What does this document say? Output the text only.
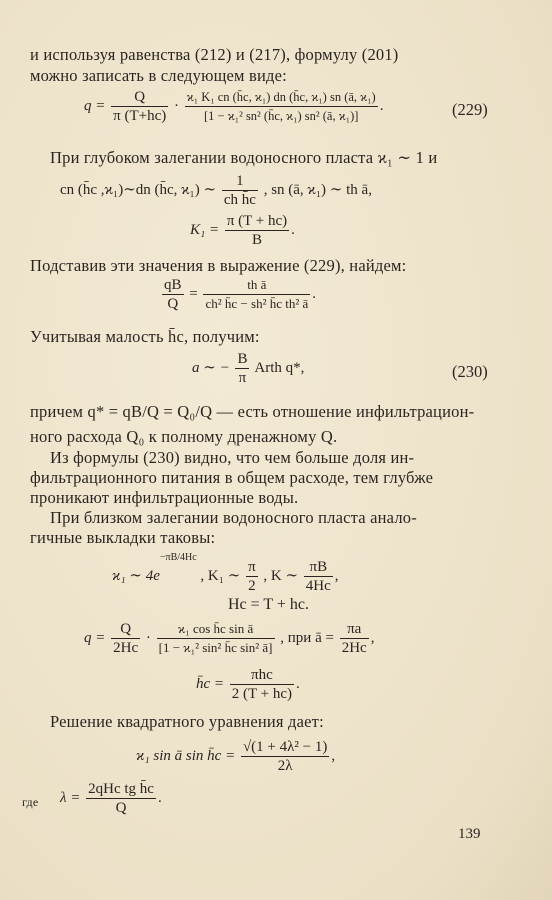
и используя равенства (212) и (217), формулу (201)
можно записать в следующем виде:
$q = \frac{Q}{\pi (T+hc)} \cdot \frac{\text{ϰ₁ K₁ cn (h̄c, ϰ₁) dn (h̄c, ϰ₁) sn (ā, ϰ₁)}}{\text{[1 − ϰ₁² sn² (h̄c, ϰ₁) sn² (ā, ϰ₁)]}}$ .	(229)
При глубоком залегании водоносного пласта ϰ₁ ∼ 1 и
cn (h̄c ,ϰ₁)∼dn (h̄c, ϰ₁) ∼ $\frac{1}{\text{ch h̄c}}$ , sn (ā, ϰ₁) ∼ th ā,
$K_1 = \frac{\pi (T + hc)}{B}$ .
Подставив эти значения в выражение (229), найдем:
$\frac{qB}{Q} = \frac{\text{th ā}}{\text{ch² h̄c − sh² h̄c th² ā}}$ .
Учитывая малость h̄c, получим:
a ∼ − $\frac{B}{\pi}$ Arth q*,	(230)
причем q* = qB/Q = Q₀/Q — есть отношение инфильтрацион-
ного расхода Q₀ к полному дренажному Q.
Из формулы (230) видно, что чем больше доля ин-
фильтрационного питания в общем расходе, тем глубже
проникают инфильтрационные воды.
При близком залегании водоносного пласта анало-
гичные выкладки таковы:
ϰ₁ ∼ $4e^{-\pi B/4Hc}$ , K₁ ∼ $\frac{\pi}{2}$ , K ∼ $\frac{\pi B}{4Hc}$ ,
Hc = T + hc.
$q = \frac{Q}{2Hc} \cdot \frac{\text{ϰ₁ cos h̄c sin ā}}{\text{[1 − ϰ₁² sin² h̄c sin² ā]}}$ , при ā = $\frac{\pi a}{2Hc}$ ,
h̄c = $\frac{\text{πhc}}{2 (T + hc)}$ .
Решение квадратного уравнения дает:
ϰ₁ sin ā sin h̄c = $\frac{\text{√(1 + 4λ² − 1)}}{2\lambda}$ ,
где $\lambda = \frac{\text{2qHc tg h̄c}}{Q}$ .
139
